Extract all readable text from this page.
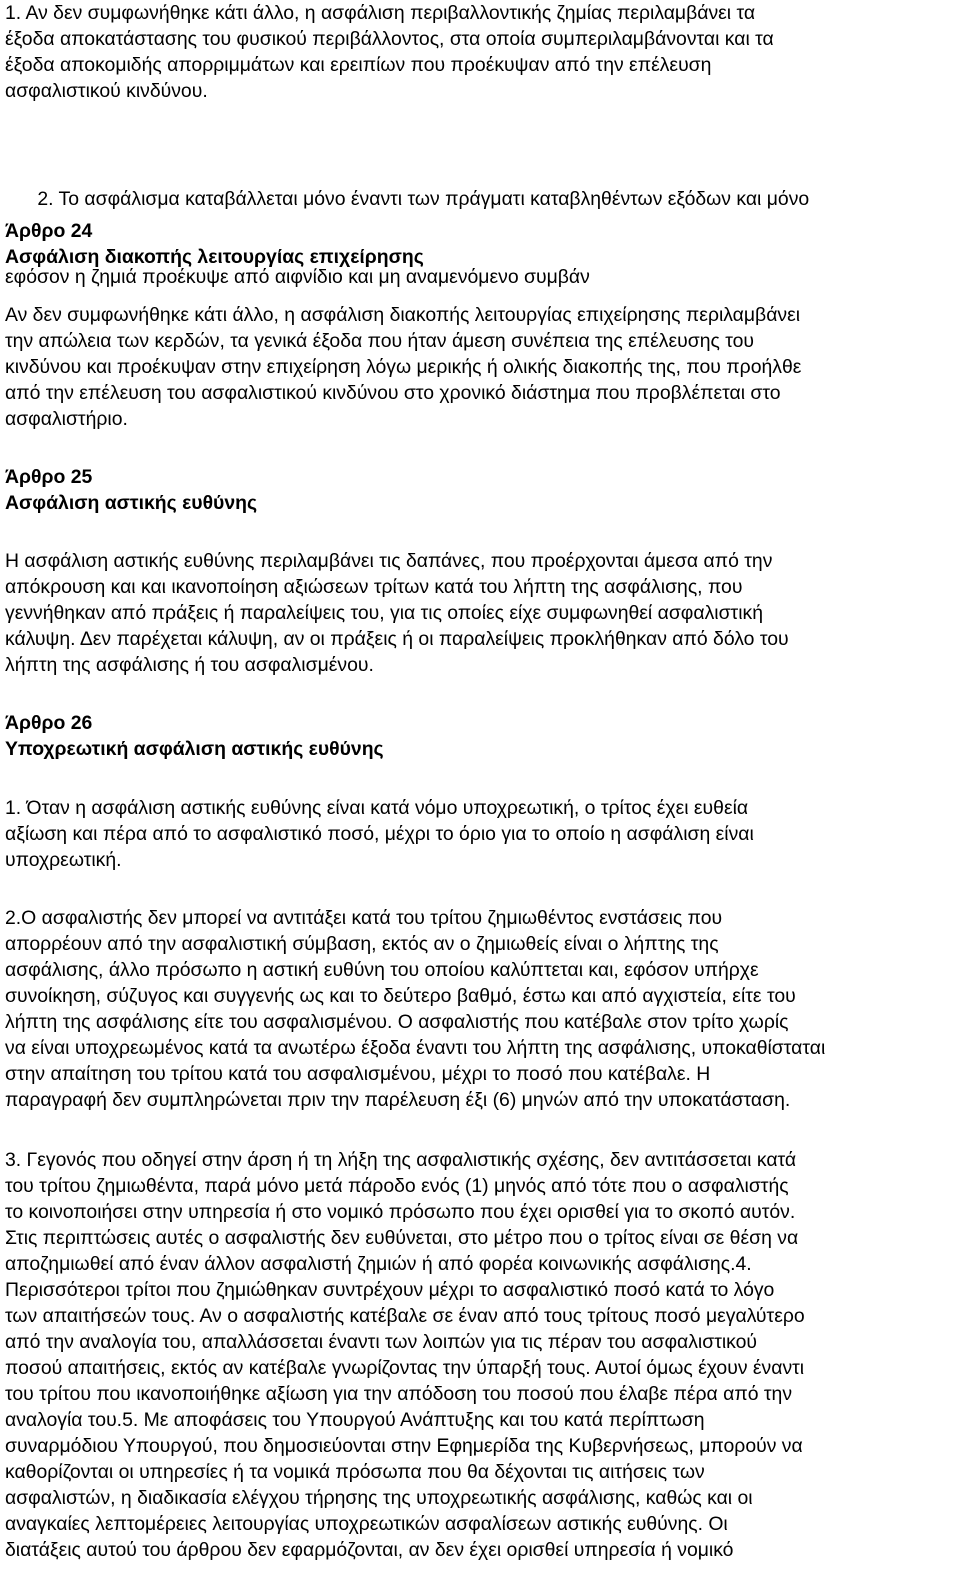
1. Αν δεν συμφωνήθηκε κάτι άλλο, η ασφάλιση περιβαλλοντικής ζημίας περιλαμβάνει τα
έξοδα αποκατάστασης του φυσικού περιβάλλοντος, στα οποία συμπεριλαμβάνονται και τα
έξοδα αποκομιδής απορριμμάτων και ερειπίων που προέκυψαν από την επέλευση
ασφαλιστικού κινδύνου.

2. Το ασφάλισμα καταβάλλεται μόνο έναντι των πράγματι καταβληθέντων εξόδων και μόνο

εφόσον η ζημιά προέκυψε από αιφνίδιο και μη αναμενόμενο συμβάν

Άρθρο 24
Ασφάλιση διακοπής λειτουργίας επιχείρησης
Αν δεν συμφωνήθηκε κάτι άλλο, η ασφάλιση διακοπής λειτουργίας επιχείρησης περιλαμβάνει
την απώλεια των κερδών, τα γενικά έξοδα που ήταν άμεση συνέπεια της επέλευσης του
κινδύνου και προέκυψαν στην επιχείρηση λόγω μερικής ή ολικής διακοπής της, που προήλθε
από την επέλευση του ασφαλιστικού κινδύνου στο χρονικό διάστημα που προβλέπεται στο
ασφαλιστήριο.
Άρθρο 25
Ασφάλιση αστικής ευθύνης
Η ασφάλιση αστικής ευθύνης περιλαμβάνει τις δαπάνες, που προέρχονται άμεσα από την
απόκρουση και και ικανοποίηση αξιώσεων τρίτων κατά του λήπτη της ασφάλισης, που
γεννήθηκαν από πράξεις ή παραλείψεις του, για τις οποίες είχε συμφωνηθεί ασφαλιστική
κάλυψη. Δεν παρέχεται κάλυψη, αν οι πράξεις ή οι παραλείψεις προκλήθηκαν από δόλο του
λήπτη της ασφάλισης ή του ασφαλισμένου.
Άρθρο 26
Υποχρεωτική ασφάλιση αστικής ευθύνης
1. Όταν η ασφάλιση αστικής ευθύνης είναι κατά νόμο υποχρεωτική, ο τρίτος έχει ευθεία
αξίωση και πέρα από το ασφαλιστικό ποσό, μέχρι το όριο για το οποίο η ασφάλιση είναι
υποχρεωτική.
2.Ο ασφαλιστής δεν μπορεί να αντιτάξει κατά του τρίτου ζημιωθέντος ενστάσεις που
απορρέουν από την ασφαλιστική σύμβαση, εκτός αν ο ζημιωθείς είναι ο λήπτης της
ασφάλισης, άλλο πρόσωπο η αστική ευθύνη του οποίου καλύπτεται και, εφόσον υπήρχε
συνοίκηση, σύζυγος και συγγενής ως και το δεύτερο βαθμό, έστω και από αγχιστεία, είτε του
λήπτη της ασφάλισης είτε του ασφαλισμένου. Ο ασφαλιστής που κατέβαλε στον τρίτο χωρίς
να είναι υποχρεωμένος κατά τα ανωτέρω έξοδα έναντι του λήπτη της ασφάλισης, υποκαθίσταται
στην απαίτηση του τρίτου κατά του ασφαλισμένου, μέχρι το ποσό που κατέβαλε. Η
παραγραφή δεν συμπληρώνεται πριν την παρέλευση έξι (6) μηνών από την υποκατάσταση.
3. Γεγονός που οδηγεί στην άρση ή τη λήξη της ασφαλιστικής σχέσης, δεν αντιτάσσεται κατά
του τρίτου ζημιωθέντα, παρά μόνο μετά πάροδο ενός (1) μηνός από τότε που ο ασφαλιστής
το κοινοποιήσει στην υπηρεσία ή στο νομικό πρόσωπο που έχει ορισθεί για το σκοπό αυτόν.
Στις περιπτώσεις αυτές ο ασφαλιστής δεν ευθύνεται, στο μέτρο που ο τρίτος είναι σε θέση να
αποζημιωθεί από έναν άλλον ασφαλιστή ζημιών ή από φορέα κοινωνικής ασφάλισης.4.
Περισσότεροι τρίτοι που ζημιώθηκαν συντρέχουν μέχρι το ασφαλιστικό ποσό κατά το λόγο
των απαιτήσεών τους. Αν ο ασφαλιστής κατέβαλε σε έναν από τους τρίτους ποσό μεγαλύτερο
από την αναλογία του, απαλλάσσεται έναντι των λοιπών για τις πέραν του ασφαλιστικού
ποσού απαιτήσεις, εκτός αν κατέβαλε γνωρίζοντας την ύπαρξή τους. Αυτοί όμως έχουν έναντι
του τρίτου που ικανοποιήθηκε αξίωση για την απόδοση του ποσού που έλαβε πέρα από την
αναλογία του.5. Με αποφάσεις του Υπουργού Ανάπτυξης και του κατά περίπτωση
συναρμόδιου Υπουργού, που δημοσιεύονται στην Εφημερίδα της Κυβερνήσεως, μπορούν να
καθορίζονται οι υπηρεσίες ή τα νομικά πρόσωπα που θα δέχονται τις αιτήσεις των
ασφαλιστών, η διαδικασία ελέγχου τήρησης της υποχρεωτικής ασφάλισης, καθώς και οι
αναγκαίες λεπτομέρειες λειτουργίας υποχρεωτικών ασφαλίσεων αστικής ευθύνης. Οι
διατάξεις αυτού του άρθρου δεν εφαρμόζονται, αν δεν έχει ορισθεί υπηρεσία ή νομικό
